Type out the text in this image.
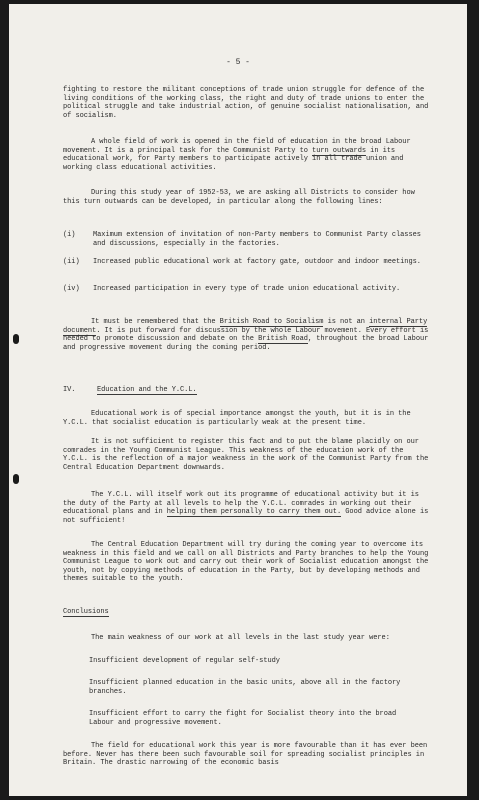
- 5 -

fighting to restore the militant conceptions of trade union struggle for defence of the living conditions of the working class, the right and duty of trade unions to enter the political struggle and take industrial action, of genuine socialist nationalisation, and of socialism.

A whole field of work is opened in the field of education in the broad Labour movement. It is a principal task for the Communist Party to turn outwards in its educational work, for Party members to participate actively in all trade union and working class educational activities.

During this study year of 1952-53, we are asking all Districts to consider how this turn outwards can be developed, in particular along the following lines:

(i)	Maximum extension of invitation of non-Party members to Communist Party classes and discussions, especially in the factories.
(ii) Increased public educational work at factory gate, outdoor and indoor meetings.
(iv) Increased participation in every type of trade union educational activity.

It must be remembered that the British Road to Socialism is not an internal Party document. It is put forward for discussion by the whole Labour movement. Every effort is needed to promote discussion and debate on the British Road, throughout the broad Labour and progressive movement during the coming period.

IV.	Education and the Y.C.L.

Educational work is of special importance amongst the youth, but it is in the Y.C.L. that socialist education is particularly weak at the present time.

It is not sufficient to register this fact and to put the blame placidly on our comrades in the Young Communist League. This weakness of the education work of the Y.C.L. is the reflection of a major weakness in the work of the Communist Party from the Central Education Department downwards.

The Y.C.L. will itself work out its programme of educational activity but it is the duty of the Party at all levels to help the Y.C.L. comrades in working out their educational plans and in helping them personally to carry them out. Good advice alone is not sufficient!

The Central Education Department will try during the coming year to overcome its weakness in this field and we call on all Districts and Party branches to help the Young Communist League to work out and carry out their work of Socialist education amongst the youth, not by copying methods of education in the Party, but by developing methods and themes suitable to the youth.

Conclusions

The main weakness of our work at all levels in the last study year were:

Insufficient development of regular self-study

Insufficient planned education in the basic units, above all in the factory branches.

Insufficient effort to carry the fight for Socialist theory into the broad Labour and progressive movement.

The field for educational work this year is more favourable than it has ever been before. Never has there been such favourable soil for spreading socialist principles in Britain. The drastic narrowing of the economic basis
